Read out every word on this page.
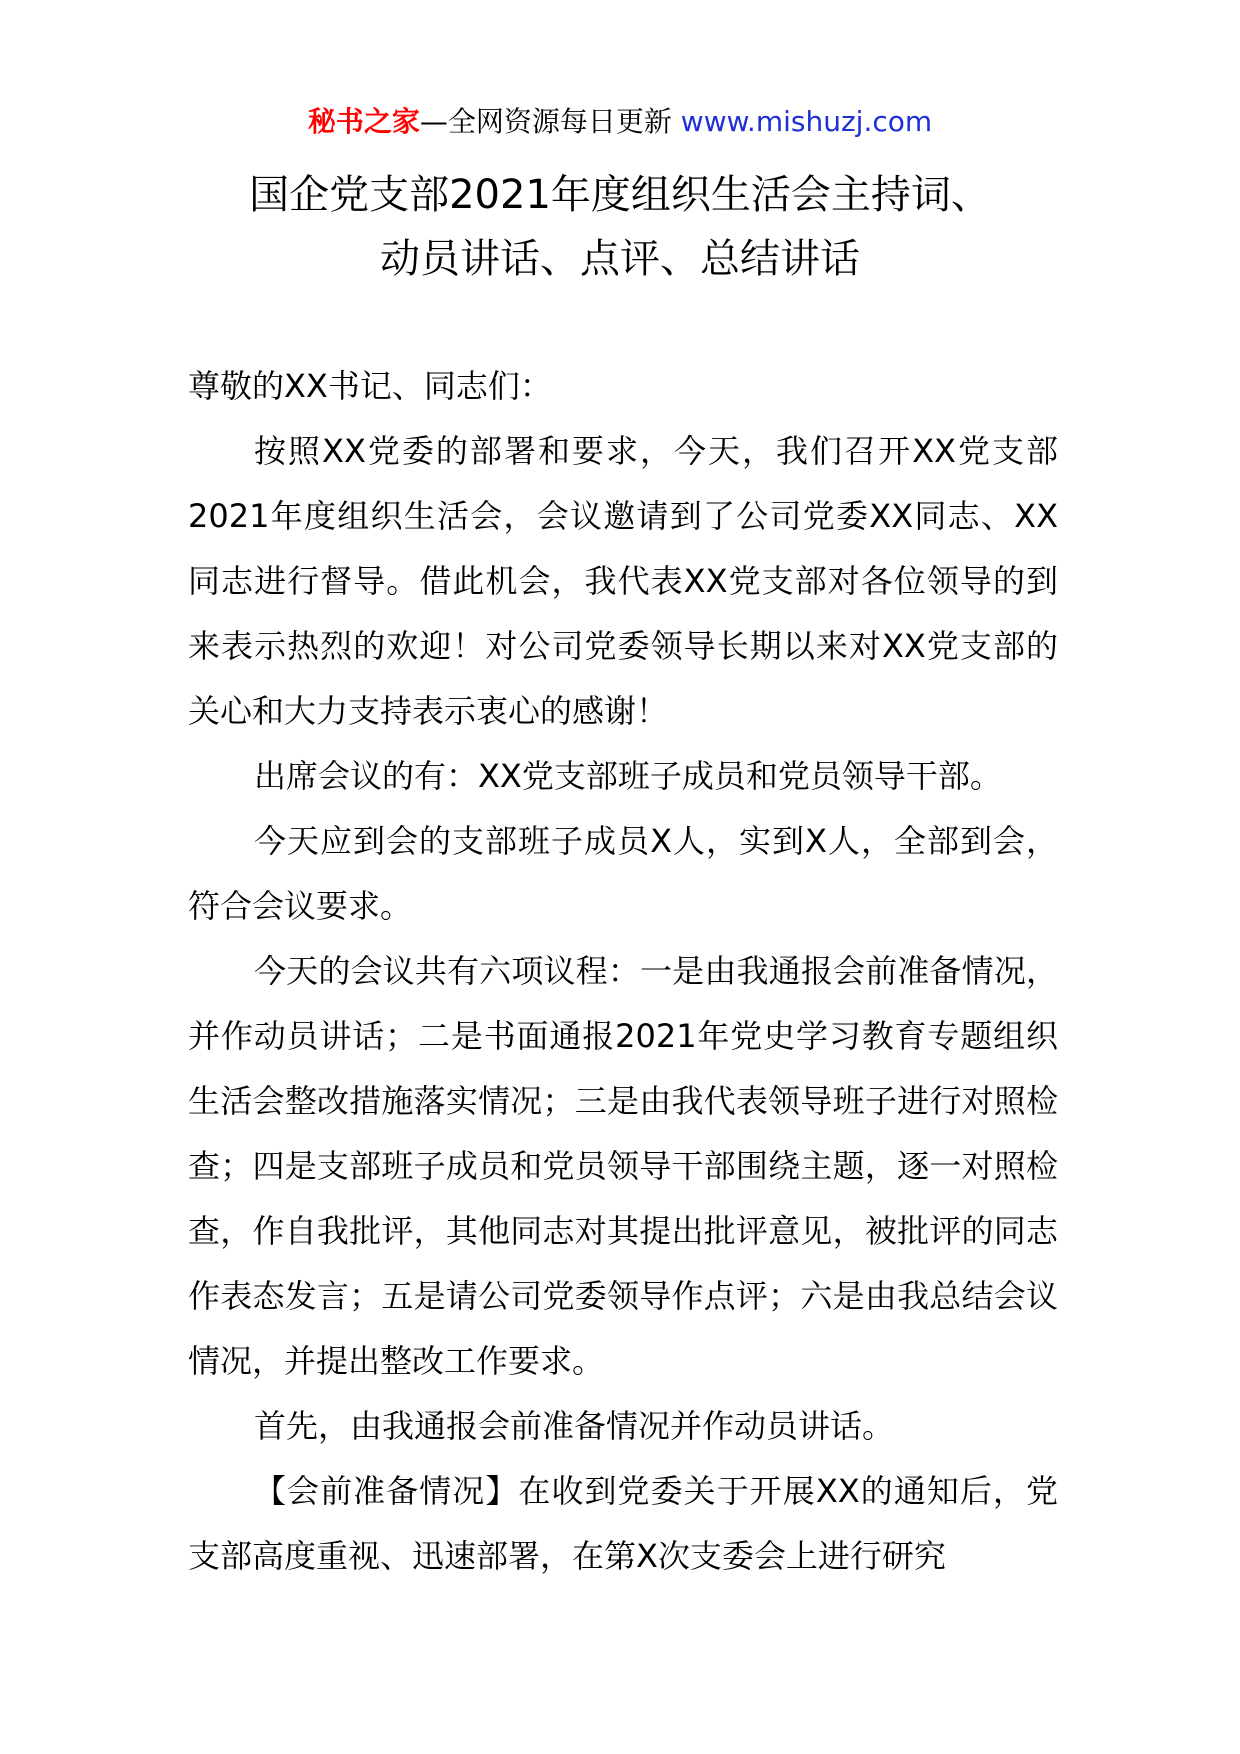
秘书之家—全网资源每日更新 www.mishuzj.com
国企党支部2021年度组织生活会主持词、
动员讲话、点评、总结讲话

尊敬的XX书记、同志们：

按照XX党委的部署和要求，今天，我们召开XX党支部2021年度组织生活会，会议邀请到了公司党委XX同志、XX同志进行督导。借此机会，我代表XX党支部对各位领导的到来表示热烈的欢迎！对公司党委领导长期以来对XX党支部的关心和大力支持表示衷心的感谢！

出席会议的有：XX党支部班子成员和党员领导干部。

今天应到会的支部班子成员X人，实到X人，全部到会，符合会议要求。

今天的会议共有六项议程：一是由我通报会前准备情况，并作动员讲话；二是书面通报2021年党史学习教育专题组织生活会整改措施落实情况；三是由我代表领导班子进行对照检查；四是支部班子成员和党员领导干部围绕主题，逐一对照检查，作自我批评，其他同志对其提出批评意见，被批评的同志作表态发言；五是请公司党委领导作点评；六是由我总结会议情况，并提出整改工作要求。

首先，由我通报会前准备情况并作动员讲话。

【会前准备情况】在收到党委关于开展XX的通知后，党支部高度重视、迅速部署，在第X次支委会上进行研究
